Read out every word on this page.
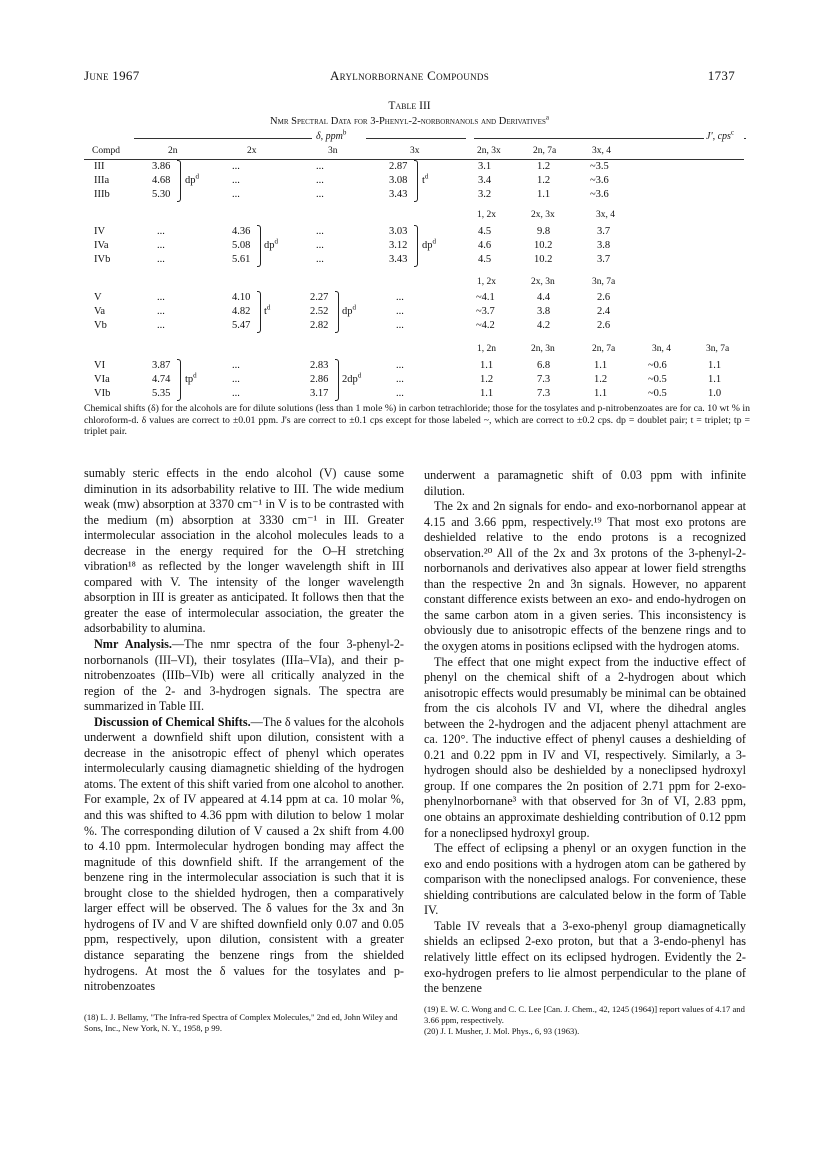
June 1967	Arylnorbornane Compounds	1737
Table III
Nmr Spectral Data for 3-Phenyl-2-norbornanols and Derivatives$^a$
δ, ppm$^b$	J', cps$^c$
Compd	2n	2x	3n	3x	2n, 3x	2n, 7a	3x, 4
III	3.86	...	...	2.87	3.1	1.2	~3.5
IIIa	4.68 $dp^d$	...	...	3.08 $t^d$	3.4	1.2	~3.6
IIIb	5.30	...	...	3.43	3.2	1.1	~3.6
1, 2x	2x, 3x	3x, 4
IV	...	4.36	...	3.03	4.5	9.8	3.7
IVa	...	5.08 $dp^d$	...	3.12 $dp^d$	4.6	10.2	3.8
IVb	...	5.61	...	3.43	4.5	10.2	3.7
1, 2x	2x, 3n	3n, 7a
V	...	4.10	2.27	...	~4.1	4.4	2.6
Va	...	4.82 $t^d$	2.52 $dp^d$	...	~3.7	3.8	2.4
Vb	...	5.47	2.82	...	~4.2	4.2	2.6
1, 2n	2n, 3n	2n, 7a	3n, 4	3n, 7a
VI	3.87	...	2.83	...	1.1	6.8	1.1	~0.6	1.1
VIa	4.74 $tp^d$	...	2.86 $2dp^d$	...	1.2	7.3	1.2	~0.5	1.1
VIb	5.35	...	3.17	...	1.1	7.3	1.1	~0.5	1.0
Chemical shifts (δ) for the alcohols are for dilute solutions (less than 1 mole %) in carbon tetrachloride; those for the tosylates and p-nitrobenzoates are for ca. 10 wt % in chloroform-d. δ values are correct to ±0.01 ppm. J's are correct to ±0.1 cps except for those labeled ~, which are correct to ±0.2 cps. dp = doublet pair; t = triplet; tp = triplet pair.

sumably steric effects in the endo alcohol (V) cause some diminution in its adsorbability relative to III. The wide medium weak (mw) absorption at 3370 cm⁻¹ in V is to be contrasted with the medium (m) absorption at 3330 cm⁻¹ in III. Greater intermolecular association in the alcohol molecules leads to a decrease in the energy required for the O–H stretching vibration¹⁸ as reflected by the longer wavelength shift in III compared with V. The intensity of the longer wavelength absorption in III is greater as anticipated. It follows then that the greater the ease of intermolecular association, the greater the adsorbability to alumina.

Nmr Analysis.—The nmr spectra of the four 3-phenyl-2-norbornanols (III–VI), their tosylates (IIIa–VIa), and their p-nitrobenzoates (IIIb–VIb) were all critically analyzed in the region of the 2- and 3-hydrogen signals. The spectra are summarized in Table III.

Discussion of Chemical Shifts.—The δ values for the alcohols underwent a downfield shift upon dilution, consistent with a decrease in the anisotropic effect of phenyl which operates intermolecularly causing diamagnetic shielding of the hydrogen atoms. The extent of this shift varied from one alcohol to another. For example, 2x of IV appeared at 4.14 ppm at ca. 10 molar %, and this was shifted to 4.36 ppm with dilution to below 1 molar %. The corresponding dilution of V caused a 2x shift from 4.00 to 4.10 ppm. Intermolecular hydrogen bonding may affect the magnitude of this downfield shift. If the arrangement of the benzene ring in the intermolecular association is such that it is brought close to the shielded hydrogen, then a comparatively larger effect will be observed. The δ values for the 3x and 3n hydrogens of IV and V are shifted downfield only 0.07 and 0.05 ppm, respectively, upon dilution, consistent with a greater distance separating the benzene rings from the shielded hydrogens. At most the δ values for the tosylates and p-nitrobenzoates

(18) L. J. Bellamy, "The Infra-red Spectra of Complex Molecules," 2nd ed, John Wiley and Sons, Inc., New York, N. Y., 1958, p 99.

underwent a paramagnetic shift of 0.03 ppm with infinite dilution.

The 2x and 2n signals for endo- and exo-norbornanol appear at 4.15 and 3.66 ppm, respectively.¹⁹ That most exo protons are deshielded relative to the endo protons is a recognized observation.²⁰ All of the 2x and 3x protons of the 3-phenyl-2-norbornanols and derivatives also appear at lower field strengths than the respective 2n and 3n signals. However, no apparent constant difference exists between an exo- and endo-hydrogen on the same carbon atom in a given series. This inconsistency is obviously due to anisotropic effects of the benzene rings and to the oxygen atoms in positions eclipsed with the hydrogen atoms.

The effect that one might expect from the inductive effect of phenyl on the chemical shift of a 2-hydrogen about which anisotropic effects would presumably be minimal can be obtained from the cis alcohols IV and VI, where the dihedral angles between the 2-hydrogen and the adjacent phenyl attachment are ca. 120°. The inductive effect of phenyl causes a deshielding of 0.21 and 0.22 ppm in IV and VI, respectively. Similarly, a 3-hydrogen should also be deshielded by a noneclipsed hydroxyl group. If one compares the 2n position of 2.71 ppm for 2-exo-phenylnorbornane³ with that observed for 3n of VI, 2.83 ppm, one obtains an approximate deshielding contribution of 0.12 ppm for a noneclipsed hydroxyl group.

The effect of eclipsing a phenyl or an oxygen function in the exo and endo positions with a hydrogen atom can be gathered by comparison with the noneclipsed analogs. For convenience, these shielding contributions are calculated below in the form of Table IV.

Table IV reveals that a 3-exo-phenyl group diamagnetically shields an eclipsed 2-exo proton, but that a 3-endo-phenyl has relatively little effect on its eclipsed hydrogen. Evidently the 2-exo-hydrogen prefers to lie almost perpendicular to the plane of the benzene

(19) E. W. C. Wong and C. C. Lee [Can. J. Chem., 42, 1245 (1964)] report values of 4.17 and 3.66 ppm, respectively.
(20) J. I. Musher, J. Mol. Phys., 6, 93 (1963).
